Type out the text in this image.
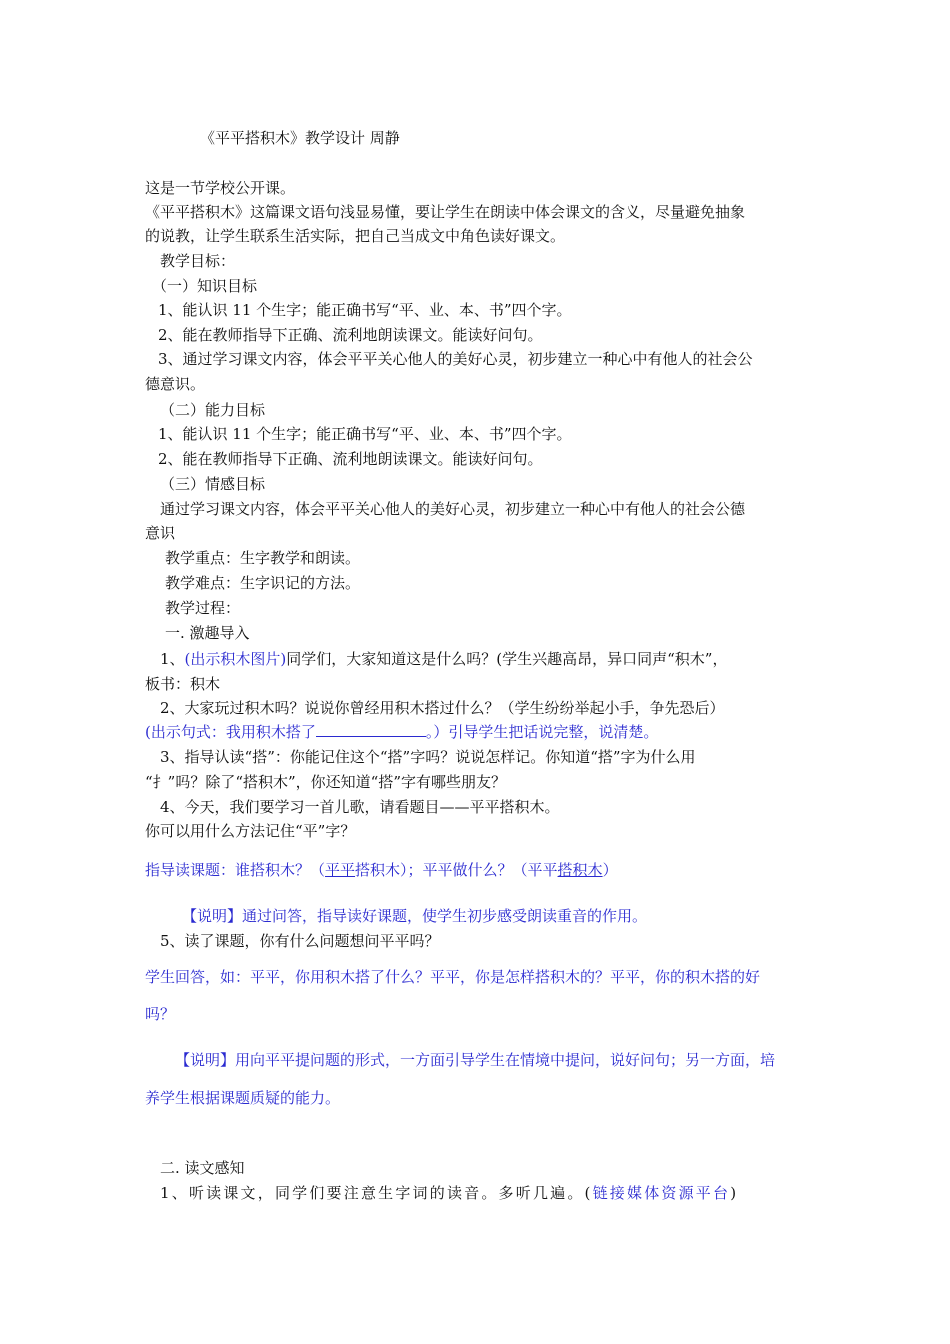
《平平搭积木》教学设计 周静
这是一节学校公开课。
《平平搭积木》这篇课文语句浅显易懂，要让学生在朗读中体会课文的含义，尽量避免抽象
的说教，让学生联系生活实际，把自己当成文中角色读好课文。
教学目标：
（一）知识目标
1、能认识 11 个生字；能正确书写“平、业、本、书”四个字。
2、能在教师指导下正确、流利地朗读课文。能读好问句。
3、通过学习课文内容，体会平平关心他人的美好心灵，初步建立一种心中有他人的社会公
德意识。
（二）能力目标
1、能认识 11 个生字；能正确书写“平、业、本、书”四个字。
2、能在教师指导下正确、流利地朗读课文。能读好问句。
（三）情感目标
通过学习课文内容，体会平平关心他人的美好心灵，初步建立一种心中有他人的社会公德
意识
教学重点：生字教学和朗读。
教学难点：生字识记的方法。
教学过程：
一. 激趣导入
1、(出示积木图片)同学们，大家知道这是什么吗？(学生兴趣高昂，异口同声“积木”，
板书：积木
2、大家玩过积木吗？说说你曾经用积木搭过什么？（学生纷纷举起小手，争先恐后）
(出示句式：我用积木搭了	。）引导学生把话说完整，说清楚。
3、指导认读“搭”：你能记住这个“搭”字吗？说说怎样记。你知道“搭”字为什么用
“扌”吗？除了“搭积木”，你还知道“搭”字有哪些朋友？
4、今天，我们要学习一首儿歌，请看题目——平平搭积木。
你可以用什么方法记住“平”字？
指导读课题：谁搭积木？（平平搭积木）；平平做什么？（平平搭积木）
【说明】通过问答，指导读好课题，使学生初步感受朗读重音的作用。
5、读了课题，你有什么问题想问平平吗？
学生回答，如：平平，你用积木搭了什么？平平，你是怎样搭积木的？平平，你的积木搭的好
吗？
【说明】用向平平提问题的形式，一方面引导学生在情境中提问，说好问句；另一方面，培
养学生根据课题质疑的能力。
二. 读文感知
1、听读课文，同学们要注意生字词的读音。多听几遍。(链接媒体资源平台)
